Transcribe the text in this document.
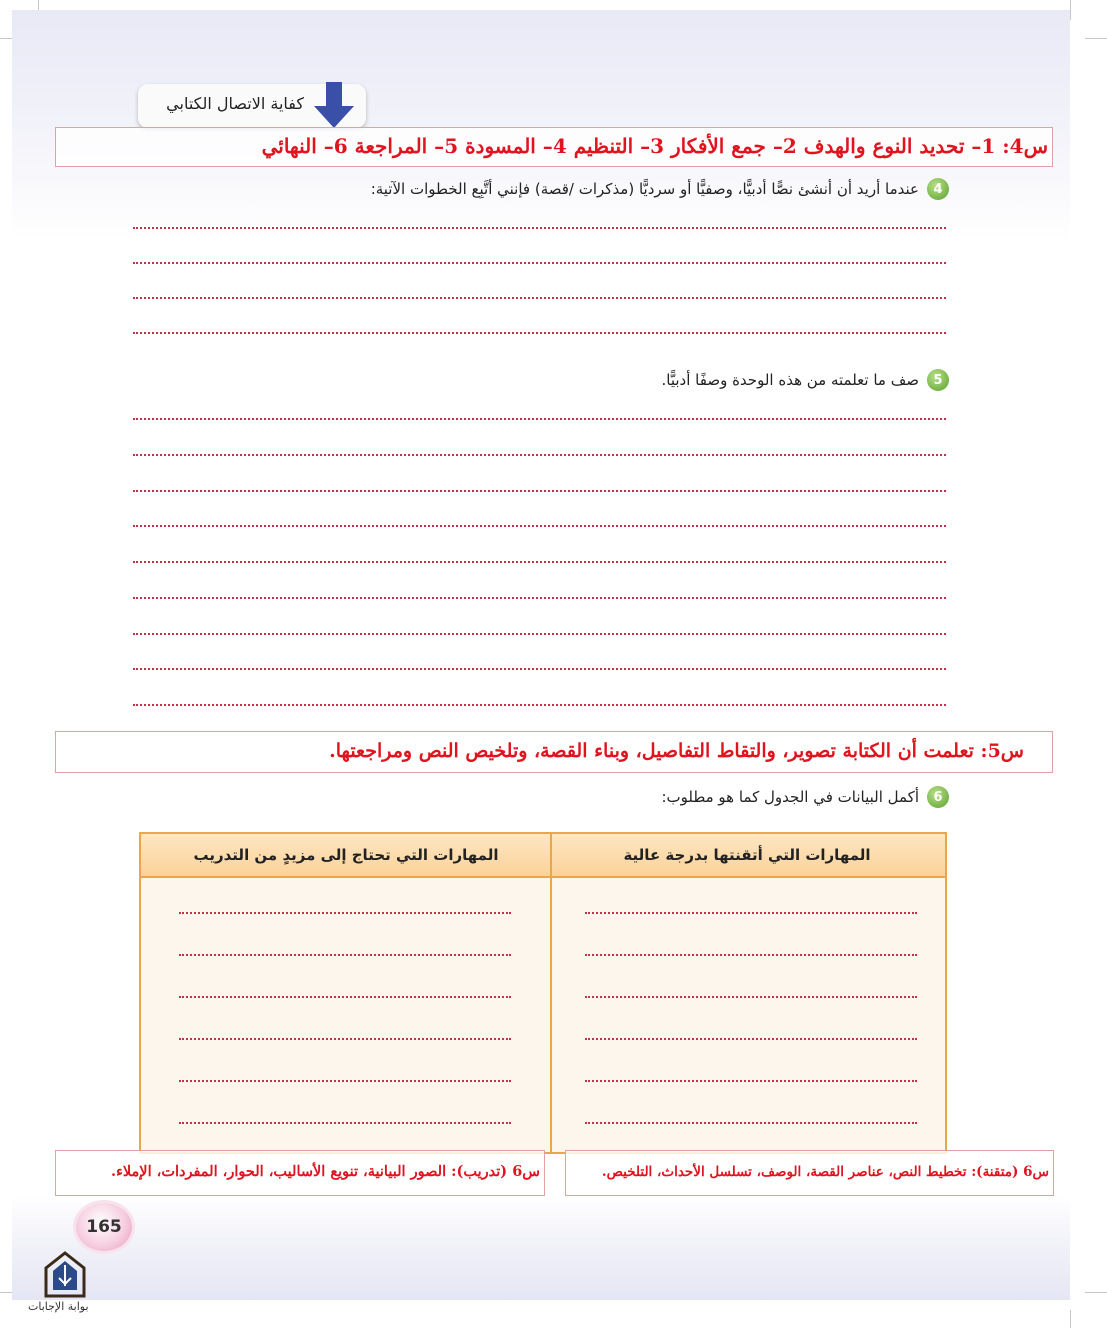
كفاية الاتصال الكتابي
س4: 1– تحديد النوع والهدف 2– جمع الأفكار 3– التنظيم 4– المسودة 5– المراجعة 6– النهائي
4
عندما أريد أن أنشئ نصًّا أدبيًّا، وصفيًّا أو سرديًّا (مذكرات /قصة) فإنني أتَّبِع الخطوات الآتية:
5
صف ما تعلمته من هذه الوحدة وصفًا أدبيًّا.
س5: تعلمت أن الكتابة تصوير، والتقاط التفاصيل، وبناء القصة، وتلخيص النص ومراجعتها.
6
أكمل البيانات في الجدول كما هو مطلوب:
المهارات التي أتقنتها بدرجة عالية
المهارات التي تحتاج إلى مزيدٍ من التدريب
س6 (متقنة): تخطيط النص، عناصر القصة، الوصف، تسلسل الأحداث، التلخيص.
س6 (تدريب): الصور البيانية، تنويع الأساليب، الحوار، المفردات، الإملاء.
165
بوابة الإجابات
